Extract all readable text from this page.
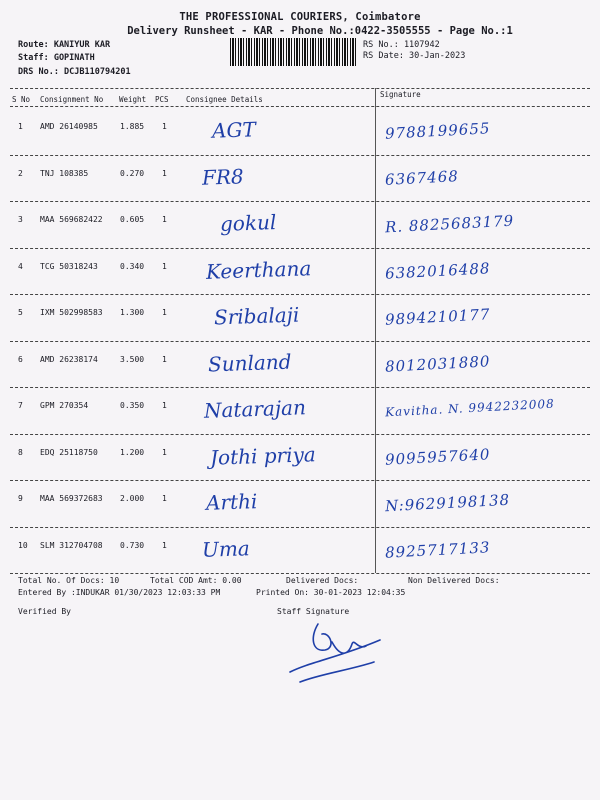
THE PROFESSIONAL COURIERS, Coimbatore
Delivery Runsheet - KAR - Phone No.:0422-3505555 - Page No.:1
Route: KANIYUR KAR
Staff: GOPINATH
DRS No.: DCJB110794201
RS No.: 1107942
RS Date: 30-Jan-2023
S No Consignment No Weight PCS Consignee Details
Signature
1 AMD 26140985	1.885 1 AGT	9788199655
2 TNJ 108385	0.270 1 FR8	6367468
3 MAA 569682422 0.605 1	gokul	R. 8825683179
4 TCG 50318243	0.340 1 Keerthana	6382016488
5 IXM 502998583 1.300 1 Sribalaji	9894210177
6 AMD 26238174	3.500 1 Sunland	8012031880
7 GPM 270354	0.350 1 Natarajan	Kavitha. N. 9942232008
8 EDQ 25118750	1.200 1 Jothi priya	9095957640
9 MAA 569372683 2.000 1 Arthi	N:9629198138
10 SLM 312704708 0.730 1 Uma	8925717133
Total No. Of Docs: 10	Total COD Amt: 0.00	Delivered Docs:	Non Delivered Docs:
Entered By :INDUKAR 01/30/2023 12:03:33 PM	Printed On: 30-01-2023 12:04:35
Verified By	Staff Signature
